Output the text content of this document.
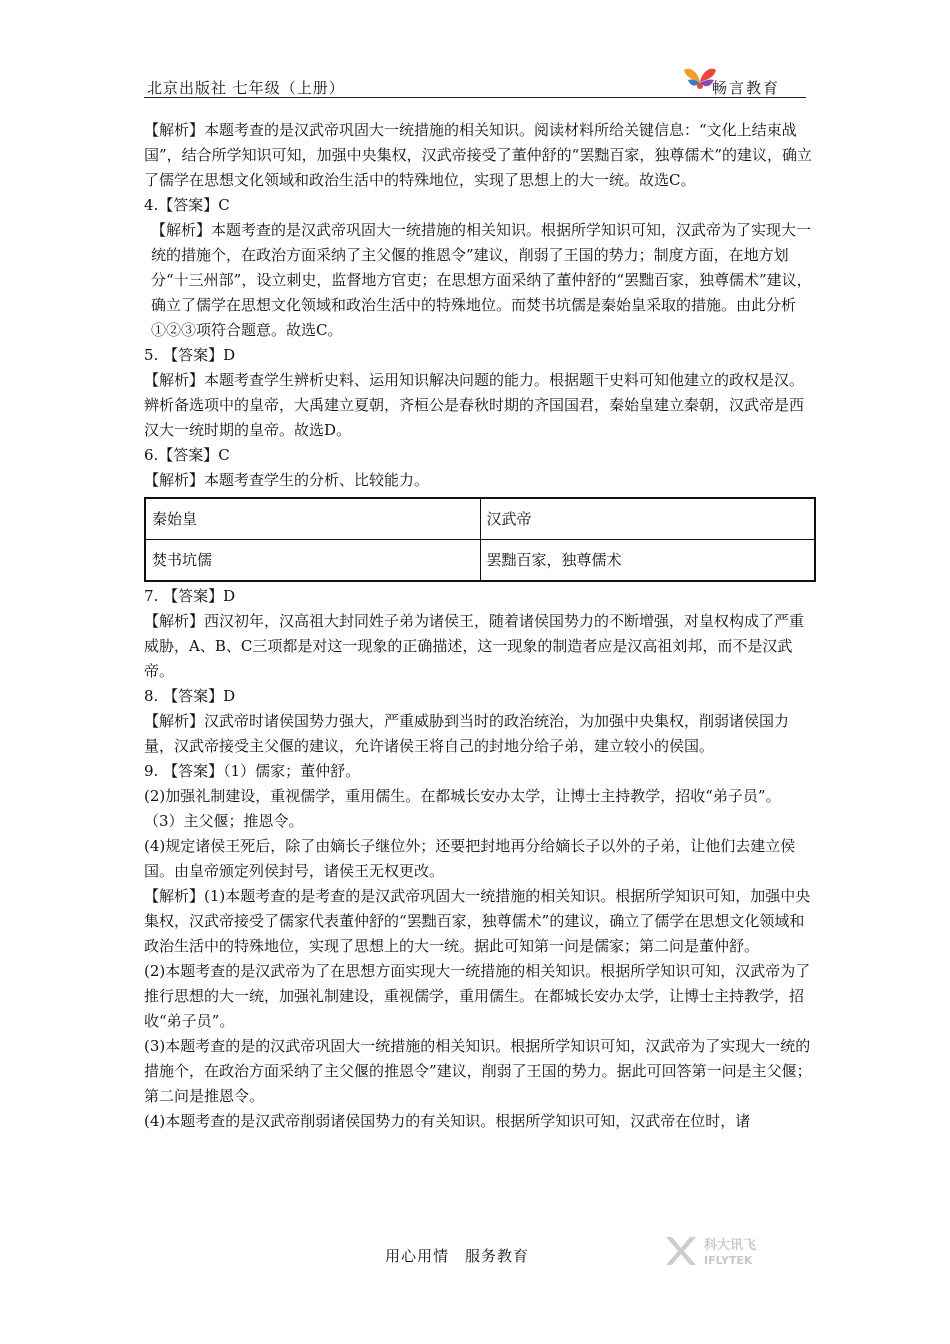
北京出版社 七年级（上册）	畅言教育

【解析】本题考查的是汉武帝巩固大一统措施的相关知识。阅读材料所给关键信息：“文化上结束战国”，结合所学知识可知，加强中央集权，汉武帝接受了董仲舒的“罢黜百家，独尊儒术”的建议，确立了儒学在思想文化领域和政治生活中的特殊地位，实现了思想上的大一统。故选C。

4.【答案】C

【解析】本题考查的是汉武帝巩固大一统措施的相关知识。根据所学知识可知，汉武帝为了实现大一统的措施个，在政治方面采纳了主父偃的推恩令”建议，削弱了王国的势力；制度方面，在地方划分“十三州部”，设立刺史，监督地方官吏；在思想方面采纳了董仲舒的“罢黜百家，独尊儒术”建议，确立了儒学在思想文化领域和政治生活中的特殊地位。而焚书坑儒是秦始皇采取的措施。由此分析①②③项符合题意。故选C。

5. 【答案】D

【解析】本题考查学生辨析史料、运用知识解决问题的能力。根据题干史料可知他建立的政权是汉。辨析备选项中的皇帝，大禹建立夏朝，齐桓公是春秋时期的齐国国君，秦始皇建立秦朝，汉武帝是西汉大一统时期的皇帝。故选D。

6.【答案】C

【解析】本题考查学生的分析、比较能力。

秦始皇	汉武帝
焚书坑儒	罢黜百家，独尊儒术

7. 【答案】D

【解析】西汉初年，汉高祖大封同姓子弟为诸侯王，随着诸侯国势力的不断增强，对皇权构成了严重威胁，A、B、C三项都是对这一现象的正确描述，这一现象的制造者应是汉高祖刘邦，而不是汉武帝。

8. 【答案】D

【解析】汉武帝时诸侯国势力强大，严重威胁到当时的政治统治，为加强中央集权，削弱诸侯国力量，汉武帝接受主父偃的建议，允许诸侯王将自己的封地分给子弟，建立较小的侯国。

9. 【答案】（1）儒家；董仲舒。

(2)加强礼制建设，重视儒学，重用儒生。在都城长安办太学，让博士主持教学，招收“弟子员”。

（3）主父偃；推恩令。

(4)规定诸侯王死后，除了由嫡长子继位外；还要把封地再分给嫡长子以外的子弟，让他们去建立侯国。由皇帝颁定列侯封号，诸侯王无权更改。

【解析】(1)本题考查的是考查的是汉武帝巩固大一统措施的相关知识。根据所学知识可知，加强中央集权，汉武帝接受了儒家代表董仲舒的“罢黜百家，独尊儒术”的建议，确立了儒学在思想文化领域和政治生活中的特殊地位，实现了思想上的大一统。据此可知第一问是儒家；第二问是董仲舒。

(2)本题考查的是汉武帝为了在思想方面实现大一统措施的相关知识。根据所学知识可知，汉武帝为了推行思想的大一统，加强礼制建设，重视儒学，重用儒生。在都城长安办太学，让博士主持教学，招收“弟子员”。

(3)本题考查的是的汉武帝巩固大一统措施的相关知识。根据所学知识可知，汉武帝为了实现大一统的措施个，在政治方面采纳了主父偃的推恩令”建议，削弱了王国的势力。据此可回答第一问是主父偃；第二问是推恩令。

(4)本题考查的是汉武帝削弱诸侯国势力的有关知识。根据所学知识可知，汉武帝在位时，诸

用心用情　服务教育
科大讯飞
IFLYTEK
